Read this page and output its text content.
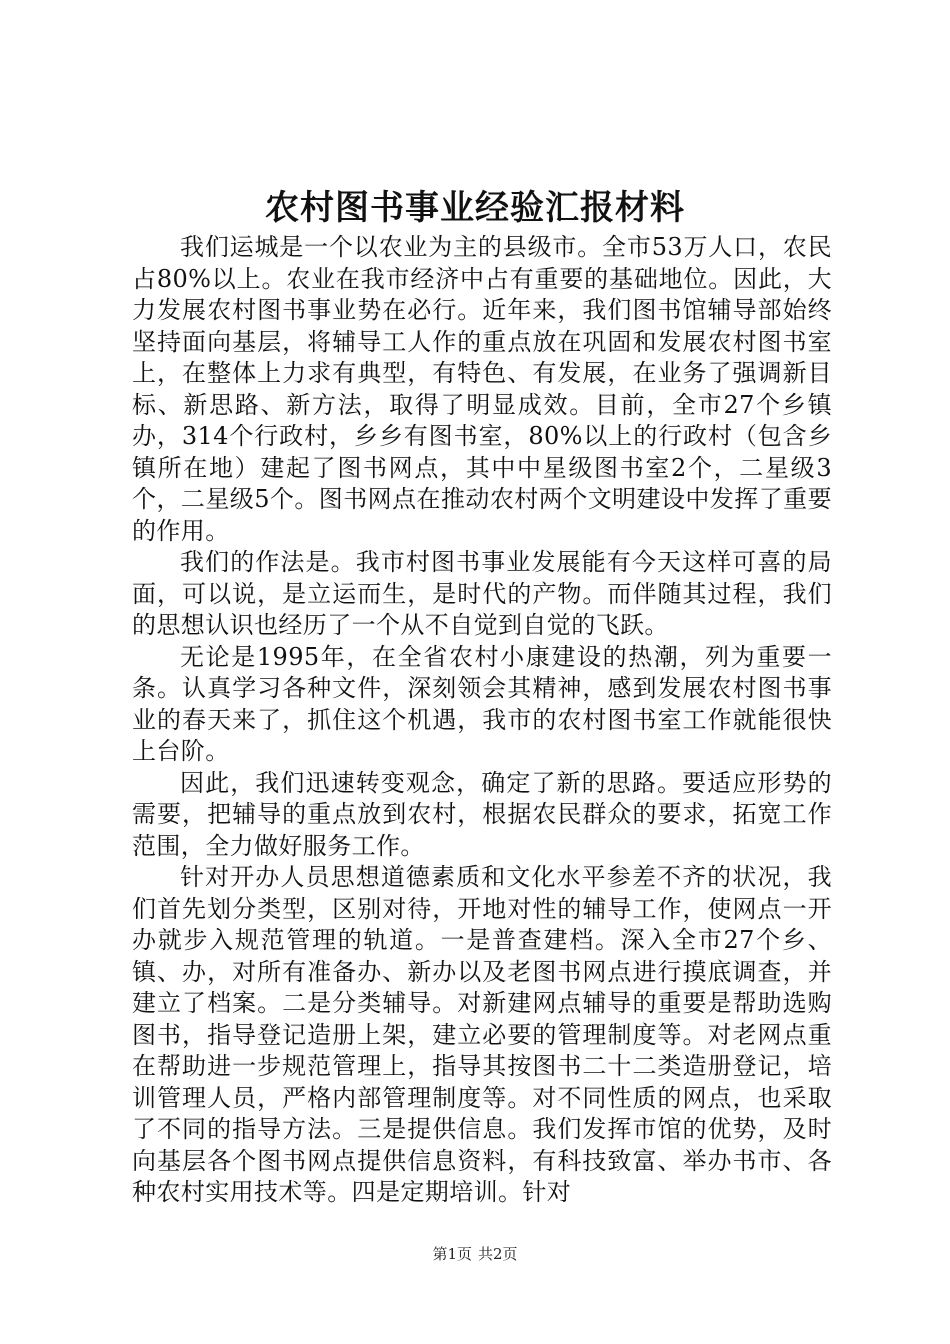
农村图书事业经验汇报材料

我们运城是一个以农业为主的县级市。全市53万人口，农民占80%以上。农业在我市经济中占有重要的基础地位。因此，大力发展农村图书事业势在必行。近年来，我们图书馆辅导部始终坚持面向基层，将辅导工人作的重点放在巩固和发展农村图书室上，在整体上力求有典型，有特色、有发展，在业务了强调新目标、新思路、新方法，取得了明显成效。目前，全市27个乡镇办，314个行政村，乡乡有图书室，80%以上的行政村（包含乡镇所在地）建起了图书网点，其中中星级图书室2个，二星级3个，二星级5个。图书网点在推动农村两个文明建设中发挥了重要的作用。

我们的作法是。我市村图书事业发展能有今天这样可喜的局面，可以说，是立运而生，是时代的产物。而伴随其过程，我们的思想认识也经历了一个从不自觉到自觉的飞跃。

无论是1995年，在全省农村小康建设的热潮，列为重要一条。认真学习各种文件，深刻领会其精神，感到发展农村图书事业的春天来了，抓住这个机遇，我市的农村图书室工作就能很快上台阶。

因此，我们迅速转变观念，确定了新的思路。要适应形势的需要，把辅导的重点放到农村，根据农民群众的要求，拓宽工作范围，全力做好服务工作。

针对开办人员思想道德素质和文化水平参差不齐的状况，我们首先划分类型，区别对待，开地对性的辅导工作，使网点一开办就步入规范管理的轨道。一是普查建档。深入全市27个乡、镇、办，对所有准备办、新办以及老图书网点进行摸底调查，并建立了档案。二是分类辅导。对新建网点辅导的重要是帮助选购图书，指导登记造册上架，建立必要的管理制度等。对老网点重在帮助进一步规范管理上，指导其按图书二十二类造册登记，培训管理人员，严格内部管理制度等。对不同性质的网点，也采取了不同的指导方法。三是提供信息。我们发挥市馆的优势，及时向基层各个图书网点提供信息资料，有科技致富、举办书市、各种农村实用技术等。四是定期培训。针对

第1页 共2页
